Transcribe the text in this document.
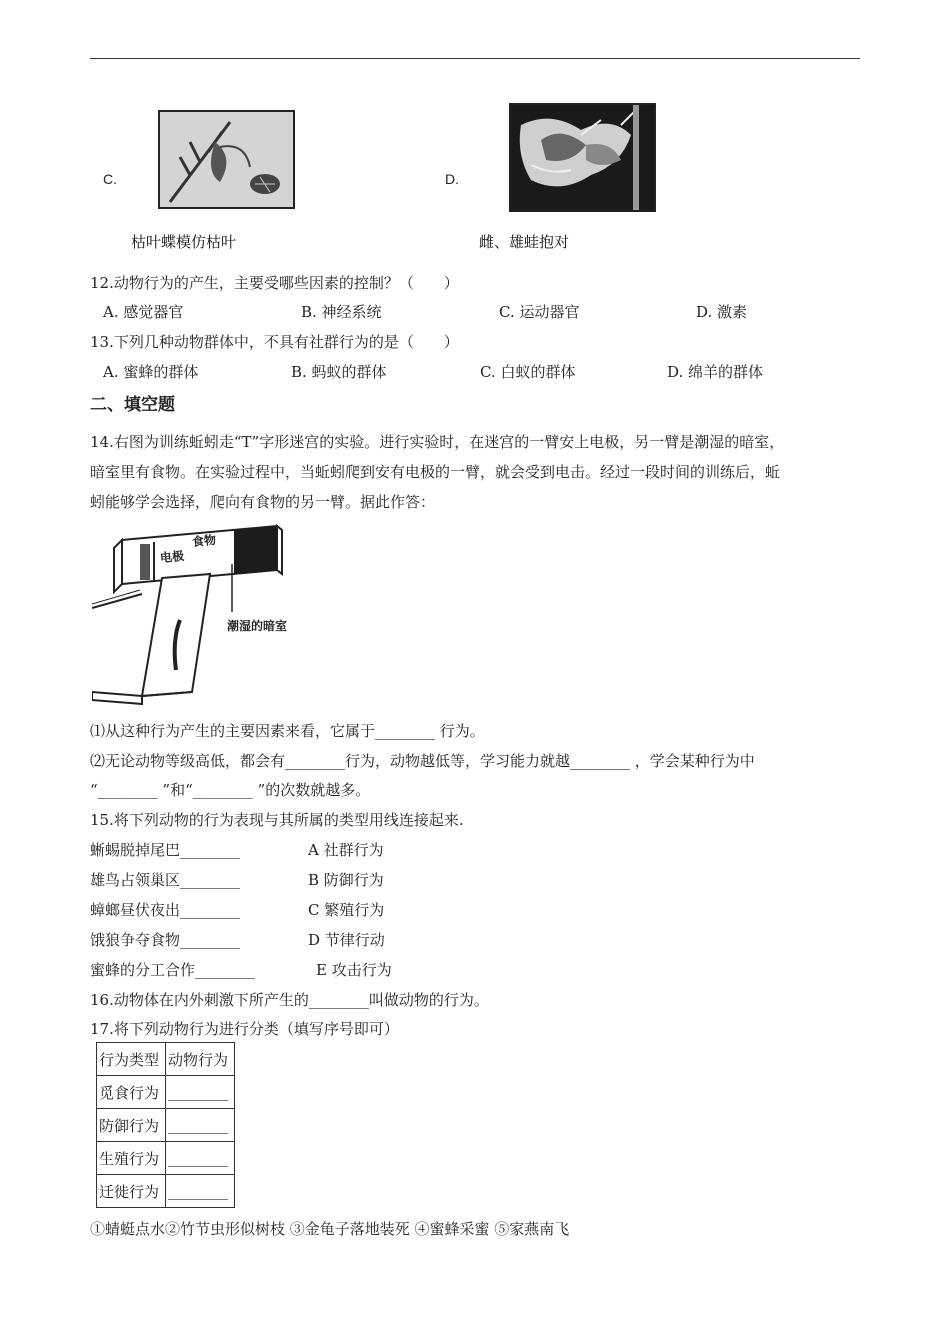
C.
枯叶蝶模仿枯叶
D.
雌、雄蛙抱对
12.动物行为的产生，主要受哪些因素的控制？（　　）
A. 感觉器官	B. 神经系统	C. 运动器官	D. 激素
13.下列几种动物群体中，不具有社群行为的是（　　）
A. 蜜蜂的群体	B. 蚂蚁的群体	C. 白蚁的群体	D. 绵羊的群体
二、填空题
14.右图为训练蚯蚓走“T”字形迷宫的实验。进行实验时，在迷宫的一臂安上电极，另一臂是潮湿的暗室，
暗室里有食物。在实验过程中，当蚯蚓爬到安有电极的一臂，就会受到电击。经过一段时间的训练后，蚯
蚓能够学会选择，爬向有食物的另一臂。据此作答：
电极
食物
潮湿的暗室
⑴从这种行为产生的主要因素来看，它属于________ 行为。
⑵无论动物等级高低，都会有________行为，动物越低等，学习能力就越________ ，学会某种行为中
“________ ”和“________ ”的次数就越多。
15.将下列动物的行为表现与其所属的类型用线连接起来.
蜥蜴脱掉尾巴________
雄鸟占领巢区________
蟑螂昼伏夜出________
饿狼争夺食物________
蜜蜂的分工合作________
A 社群行为
B 防御行为
C 繁殖行为
D 节律行动
E 攻击行为
16.动物体在内外刺激下所产生的________叫做动物的行为。
17.将下列动物行为进行分类（填写序号即可）
行为类型	动物行为
觅食行为	________
防御行为	________
生殖行为	________
迁徙行为	________
①蜻蜓点水②竹节虫形似树枝 ③金龟子落地装死 ④蜜蜂采蜜 ⑤家燕南飞
